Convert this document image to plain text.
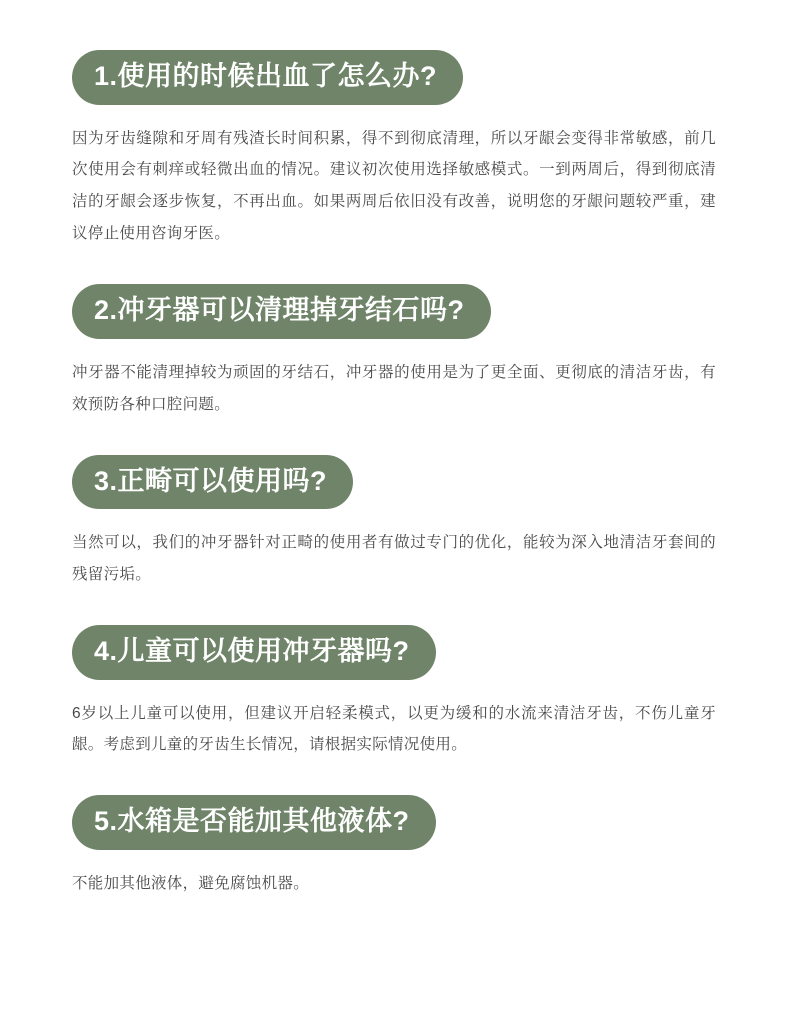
1.使用的时候出血了怎么办?
因为牙齿缝隙和牙周有残渣长时间积累，得不到彻底清理，所以牙龈会变得非常敏感，前几次使用会有刺痒或轻微出血的情况。建议初次使用选择敏感模式。一到两周后，得到彻底清洁的牙龈会逐步恢复，不再出血。如果两周后依旧没有改善，说明您的牙龈问题较严重，建议停止使用咨询牙医。
2.冲牙器可以清理掉牙结石吗?
冲牙器不能清理掉较为顽固的牙结石，冲牙器的使用是为了更全面、更彻底的清洁牙齿，有效预防各种口腔问题。
3.正畸可以使用吗?
当然可以，我们的冲牙器针对正畸的使用者有做过专门的优化，能较为深入地清洁牙套间的残留污垢。
4.儿童可以使用冲牙器吗?
6岁以上儿童可以使用，但建议开启轻柔模式，以更为缓和的水流来清洁牙齿，不伤儿童牙龈。考虑到儿童的牙齿生长情况，请根据实际情况使用。
5.水箱是否能加其他液体?
不能加其他液体，避免腐蚀机器。
